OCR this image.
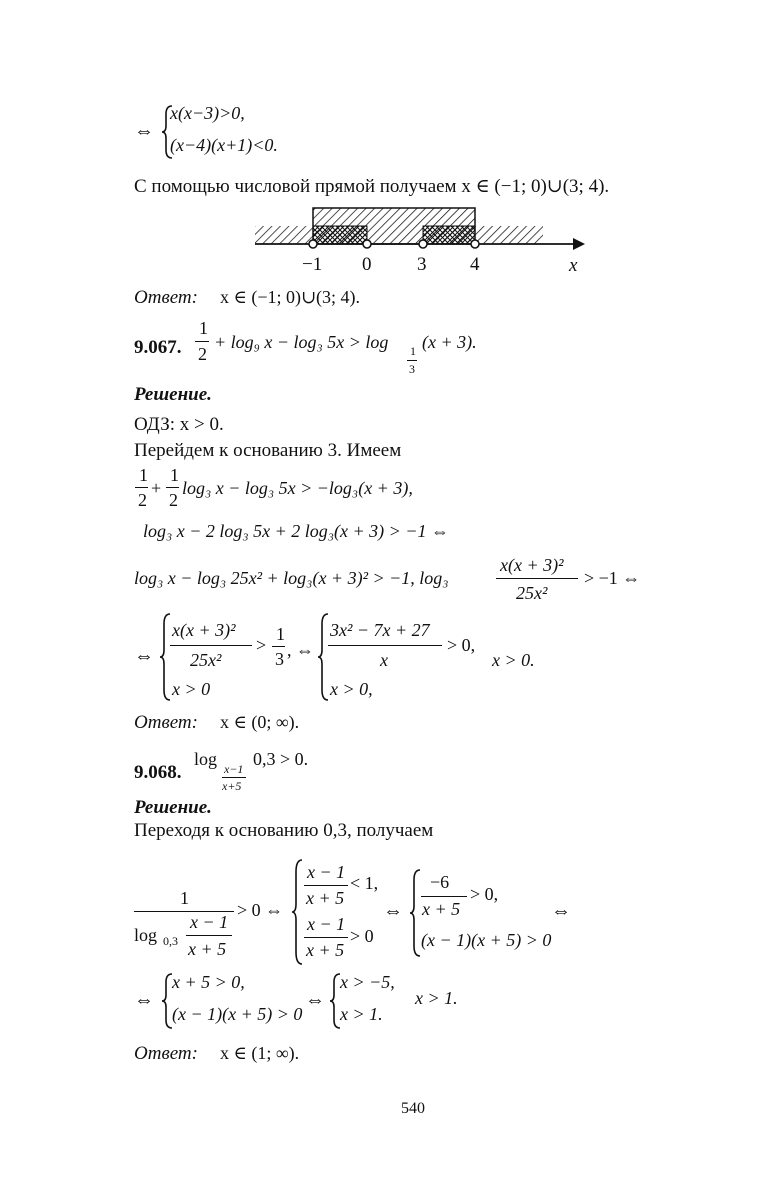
⇔
x(x−3)>0,
(x−4)(x+1)<0.
С помощью числовой прямой получаем x ∈ (−1; 0)∪(3; 4).
−1 0 3 4	x
Ответ: x ∈ (−1; 0)∪(3; 4).
9.067.
1
2
+ log₉ x − log₃ 5x > log 1
3
(x + 3).
Решение.
ОДЗ: x > 0.
Перейдем к основанию 3. Имеем
1
2
+
1
2
log₃ x − log₃ 5x > −log₃(x + 3),
log₃ x − 2 log₃ 5x + 2 log₃(x + 3) > −1 ⇔
log₃ x − log₃ 25x² + log₃(x + 3)² > −1, log₃
x(x + 3)²
25x²
> −1 ⇔
⇔
x(x + 3)²
25x²
>
1
3 , ⇔
x > 0
3x² − 7x + 27
x
> 0,
x > 0,
x > 0.
Ответ: x ∈ (0; ∞).
9.068.
log x−1
x+5
0,3 > 0.
Решение.
Переходя к основанию 0,3, получаем
1
log 0,3
x − 1
x + 5
> 0 ⇔
x − 1
x + 5
< 1,
x − 1
x + 5
> 0
⇔
−6
x + 5
> 0,
(x − 1)(x + 5) > 0
⇔
⇔
x + 5 > 0,
(x − 1)(x + 5) > 0
⇔
x > −5,
x > 1.
x > 1.
Ответ: x ∈ (1; ∞).
540
